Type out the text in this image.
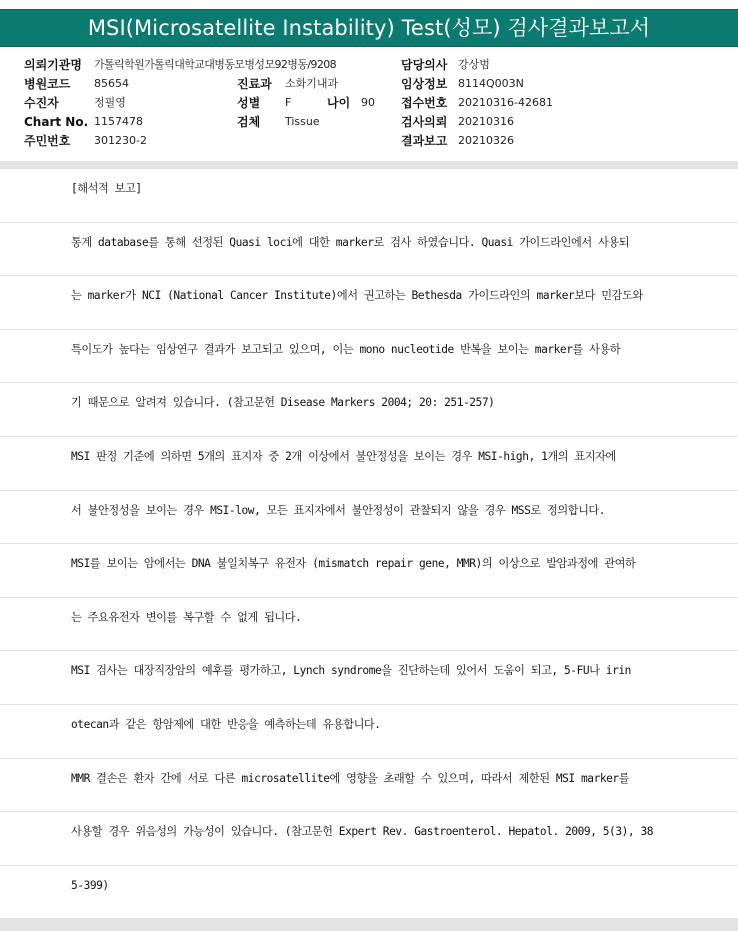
MSI(Microsatellite Instability) Test(성모) 검사결과보고서
의뢰기관명 가톨릭학원가톨릭대학교대병동모병성모92병동/9208	담당의사 강상범
병원코드 85654	진료과 소화기내과	임상정보 8114Q003N
수진자	정필영	성별 F	나이 90 접수번호 20210316-42681
Chart No. 1157478	검체 Tissue	검사의뢰 20210316
주민번호 301230-2	결과보고 20210326
[해석적 보고]
통계 database를 통해 선정된 Quasi loci에 대한 marker로 검사 하였습니다. Quasi 가이드라인에서 사용되
는 marker가 NCI (National Cancer Institute)에서 권고하는 Bethesda 가이드라인의 marker보다 민감도와
특이도가 높다는 임상연구 결과가 보고되고 있으며, 이는 mono nucleotide 반복을 보이는 marker를 사용하
기 때문으로 알려져 있습니다. (참고문헌 Disease Markers 2004; 20: 251-257)
MSI 판정 기준에 의하면 5개의 표지자 중 2개 이상에서 불안정성을 보이는 경우 MSI-high, 1개의 표지자에
서 불안정성을 보이는 경우 MSI-low, 모든 표지자에서 불안정성이 관찰되지 않을 경우 MSS로 정의합니다.
MSI를 보이는 암에서는 DNA 불일치복구 유전자 (mismatch repair gene, MMR)의 이상으로 발암과정에 관여하
는 주요유전자 변이를 복구할 수 없게 됩니다.
MSI 검사는 대장직장암의 예후를 평가하고, Lynch syndrome을 진단하는데 있어서 도움이 되고, 5-FU나 irin
otecan과 같은 항암제에 대한 반응을 예측하는데 유용합니다.
MMR 결손은 환자 간에 서로 다른 microsatellite에 영향을 초래할 수 있으며, 따라서 제한된 MSI marker를
사용할 경우 위음성의 가능성이 있습니다. (참고문헌 Expert Rev. Gastroenterol. Hepatol. 2009, 5(3), 38
5-399)
